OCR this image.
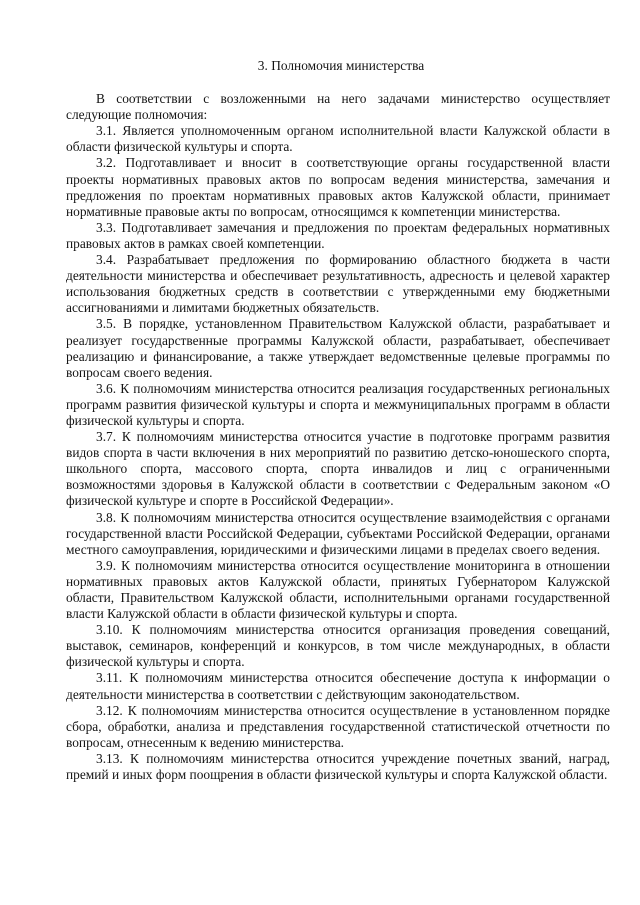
3. Полномочия министерства

В соответствии с возложенными на него задачами министерство осуществляет следующие полномочия:

3.1. Является уполномоченным органом исполнительной власти Калужской области в области физической культуры и спорта.

3.2. Подготавливает и вносит в соответствующие органы государственной власти проекты нормативных правовых актов по вопросам ведения министерства, замечания и предложения по проектам нормативных правовых актов Калужской области, принимает нормативные правовые акты по вопросам, относящимся к компетенции министерства.

3.3. Подготавливает замечания и предложения по проектам федеральных нормативных правовых актов в рамках своей компетенции.

3.4. Разрабатывает предложения по формированию областного бюджета в части деятельности министерства и обеспечивает результативность, адресность и целевой характер использования бюджетных средств в соответствии с утвержденными ему бюджетными ассигнованиями и лимитами бюджетных обязательств.

3.5. В порядке, установленном Правительством Калужской области, разрабатывает и реализует государственные программы Калужской области, разрабатывает, обеспечивает реализацию и финансирование, а также утверждает ведомственные целевые программы по вопросам своего ведения.

3.6. К полномочиям министерства относится реализация государственных региональных программ развития физической культуры и спорта и межмуниципальных программ в области физической культуры и спорта.

3.7. К полномочиям министерства относится участие в подготовке программ развития видов спорта в части включения в них мероприятий по развитию детско-юношеского спорта, школьного спорта, массового спорта, спорта инвалидов и лиц с ограниченными возможностями здоровья в Калужской области в соответствии с Федеральным законом «О физической культуре и спорте в Российской Федерации».

3.8. К полномочиям министерства относится осуществление взаимодействия с органами государственной власти Российской Федерации, субъектами Российской Федерации, органами местного самоуправления, юридическими и физическими лицами в пределах своего ведения.

3.9. К полномочиям министерства относится осуществление мониторинга в отношении нормативных правовых актов Калужской области, принятых Губернатором Калужской области, Правительством Калужской области, исполнительными органами государственной власти Калужской области в области физической культуры и спорта.

3.10. К полномочиям министерства относится организация проведения совещаний, выставок, семинаров, конференций и конкурсов, в том числе международных, в области физической культуры и спорта.

3.11. К полномочиям министерства относится обеспечение доступа к информации о деятельности министерства в соответствии с действующим законодательством.

3.12. К полномочиям министерства относится осуществление в установленном порядке сбора, обработки, анализа и представления государственной статистической отчетности по вопросам, отнесенным к ведению министерства.

3.13. К полномочиям министерства относится учреждение почетных званий, наград, премий и иных форм поощрения в области физической культуры и спорта Калужской области.
